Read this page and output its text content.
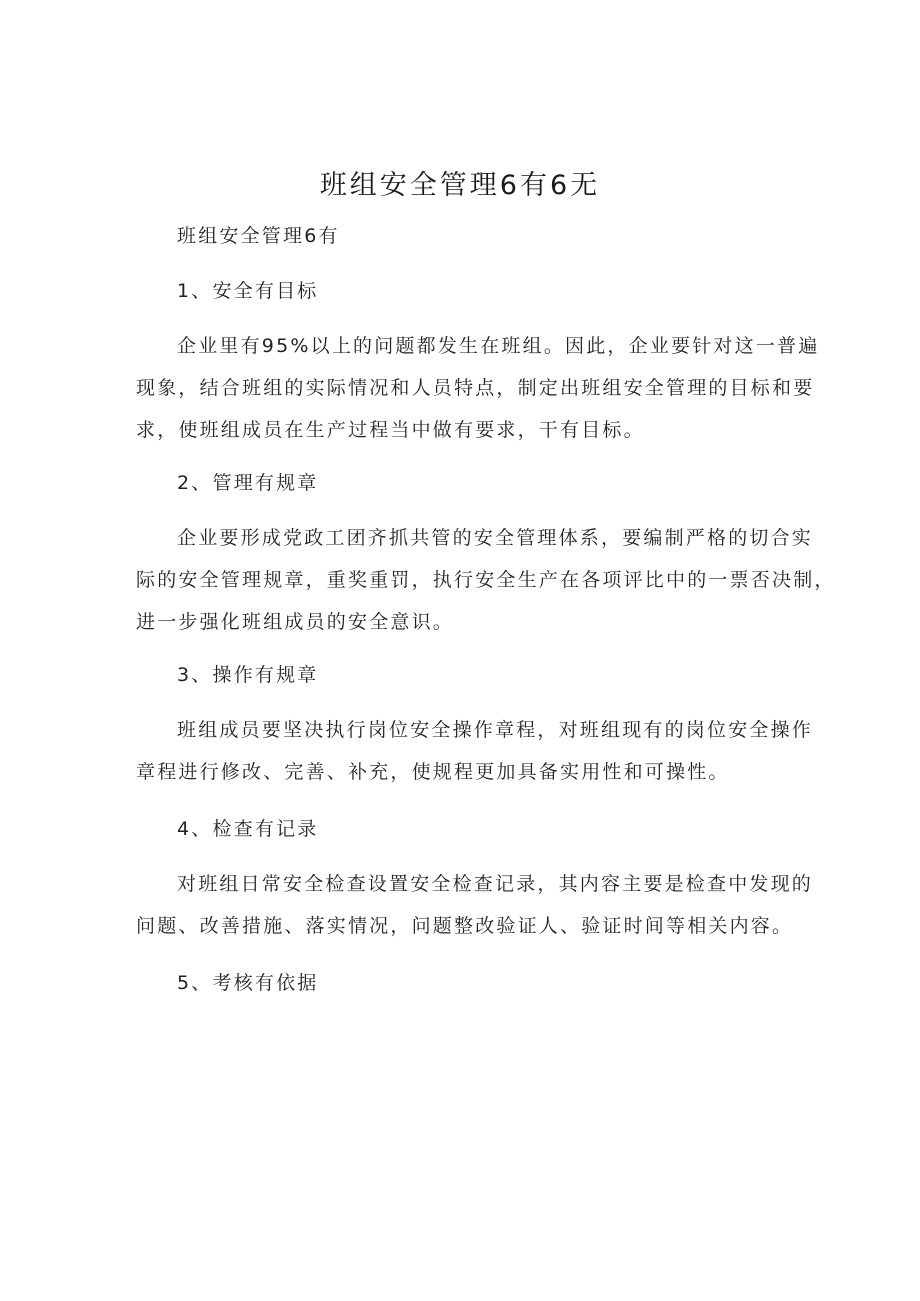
班组安全管理6有6无

班组安全管理6有

1、安全有目标

企业里有95%以上的问题都发生在班组。因此，企业要针对这一普遍

现象，结合班组的实际情况和人员特点，制定出班组安全管理的目标和要

求，使班组成员在生产过程当中做有要求，干有目标。

2、管理有规章

企业要形成党政工团齐抓共管的安全管理体系，要编制严格的切合实

际的安全管理规章，重奖重罚，执行安全生产在各项评比中的一票否决制，

进一步强化班组成员的安全意识。

3、操作有规章

班组成员要坚决执行岗位安全操作章程，对班组现有的岗位安全操作

章程进行修改、完善、补充，使规程更加具备实用性和可操性。

4、检查有记录

对班组日常安全检查设置安全检查记录，其内容主要是检查中发现的

问题、改善措施、落实情况，问题整改验证人、验证时间等相关内容。

5、考核有依据
